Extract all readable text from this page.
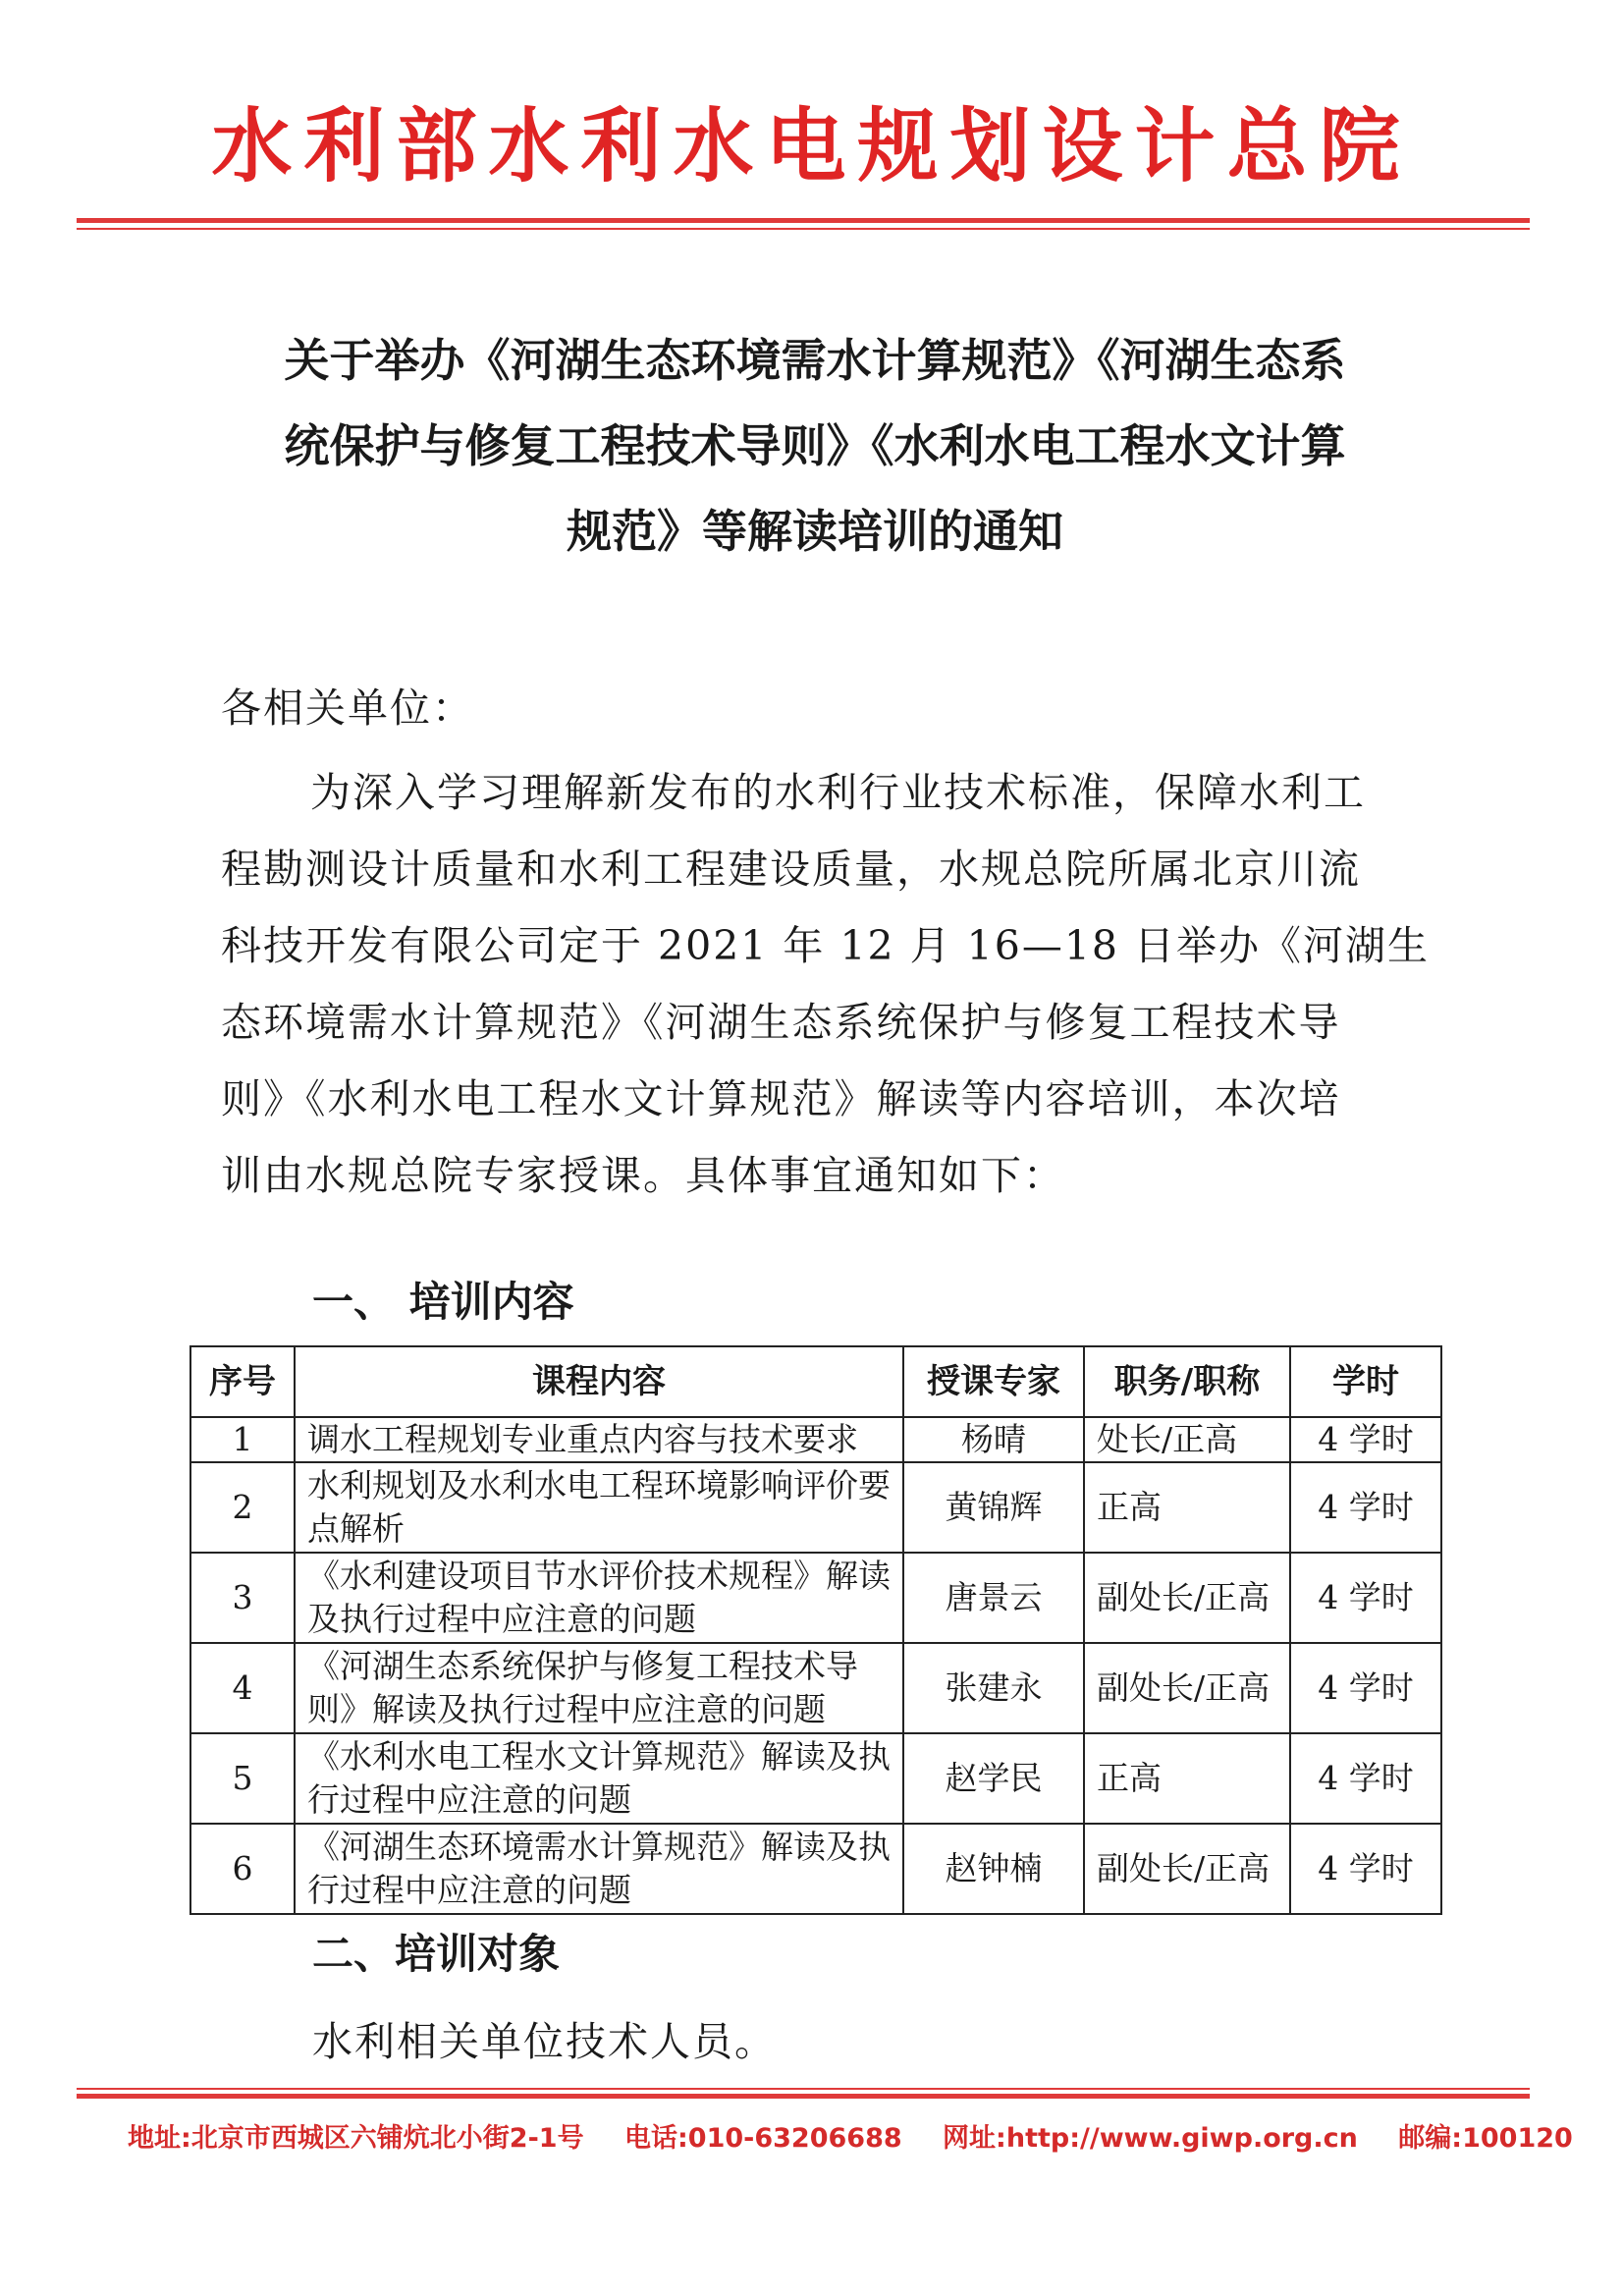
水利部水利水电规划设计总院
关于举办《河湖生态环境需水计算规范》《河湖生态系
统保护与修复工程技术导则》《水利水电工程水文计算
规范》等解读培训的通知
各相关单位：
为深入学习理解新发布的水利行业技术标准，保障水利工
程勘测设计质量和水利工程建设质量，水规总院所属北京川流
科技开发有限公司定于 2021 年 12 月 16—18 日举办《河湖生
态环境需水计算规范》《河湖生态系统保护与修复工程技术导
则》《水利水电工程水文计算规范》解读等内容培训，本次培
训由水规总院专家授课。具体事宜通知如下：
一、 培训内容
序号	课程内容	授课专家	职务/职称	学时
1	调水工程规划专业重点内容与技术要求	杨晴	处长/正高	4 学时
2	水利规划及水利水电工程环境影响评价要点解析	黄锦辉	正高	4 学时
3	《水利建设项目节水评价技术规程》解读及执行过程中应注意的问题	唐景云	副处长/正高	4 学时
4	《河湖生态系统保护与修复工程技术导则》解读及执行过程中应注意的问题	张建永	副处长/正高	4 学时
5	《水利水电工程水文计算规范》解读及执行过程中应注意的问题	赵学民	正高	4 学时
6	《河湖生态环境需水计算规范》解读及执行过程中应注意的问题	赵钟楠	副处长/正高	4 学时
二、培训对象
水利相关单位技术人员。
地址:北京市西城区六铺炕北小街2-1号 电话:010-63206688 网址:http://www.giwp.org.cn 邮编:100120
